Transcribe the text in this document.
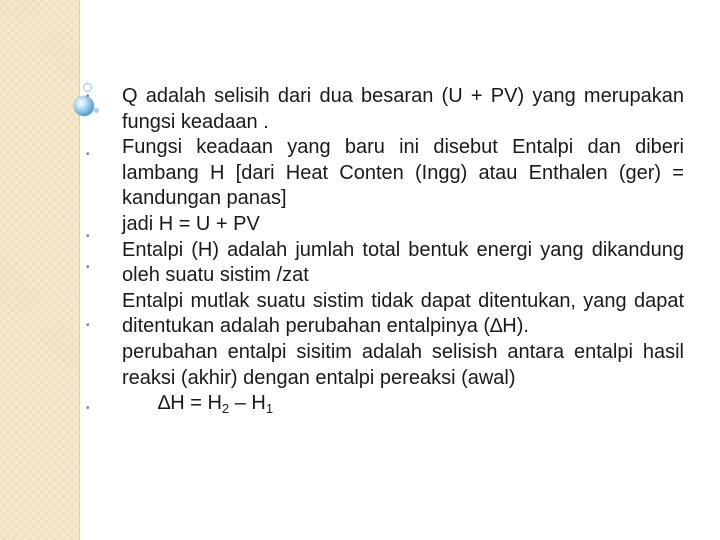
•
•
•
•
•
•

Q adalah selisih dari dua besaran (U + PV) yang merupakan fungsi keadaan .

Fungsi keadaan yang baru ini disebut Entalpi dan diberi lambang H [dari Heat Conten (Ingg) atau Enthalen (ger) = kandungan panas]

jadi H = U + PV

Entalpi (H) adalah jumlah total bentuk energi yang dikandung oleh suatu sistim /zat

Entalpi mutlak suatu sistim tidak dapat ditentukan, yang dapat ditentukan adalah perubahan entalpinya (∆H).

perubahan entalpi sisitim adalah selisish antara entalpi hasil reaksi (akhir) dengan entalpi pereaksi (awal)

$\Delta H = H_2 - H_1$
